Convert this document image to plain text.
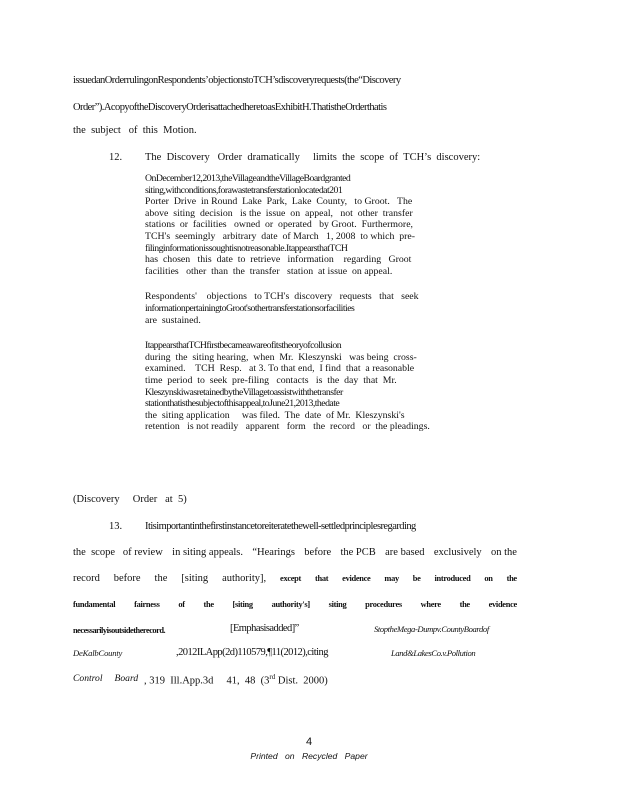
issuedanOrderrulingonRespondents’objectionstoTCH’sdiscoveryrequests(the“Discovery
Order”).AcopyoftheDiscoveryOrderisattachedheretoasExhibitH.ThatistheOrderthatis
the  subject   of  this  Motion.
12. The  Discovery   Order  dramatically     limits  the  scope  of  TCH’s  discovery:

OnDecember12,2013,theVillageandtheVillageBoardgranted
siting,withconditions,forawastetransferstationlocatedat201
Porter  Drive  in Round  Lake  Park,  Lake  County,   to Groot.   The
above  siting  decision   is the  issue  on  appeal,   not  other  transfer
stations  or  facilities   owned  or  operated   by Groot.  Furthermore,
TCH's  seemingly   arbitrary  date  of March   1, 2008  to which  pre-
filinginformationissoughtisnotreasonable.ItappearsthatTCH
has  chosen   this  date  to  retrieve   information    regarding   Groot
facilities   other  than  the  transfer   station  at issue  on appeal.

Respondents'    objections   to TCH's  discovery   requests   that   seek
informationpertainingtoGroot'sothertransferstationsorfacilities
are  sustained.

ItappearsthatTCHfirstbecameawareofitstheoryofcollusion
during  the  siting hearing,  when  Mr.  Kleszynski   was being  cross-
examined.    TCH  Resp.   at 3. To that end,  I find  that  a reasonable
time  period  to  seek  pre-filing   contacts   is  the  day  that  Mr.
KleszynskiwasretainedbytheVillagetoassistwiththetransfer
stationthatisthesubjectofthisappeal,toJune21,2013,thedate
the  siting application     was filed.  The  date  of Mr.  Kleszynski's
retention   is not readily   apparent   form   the  record   or  the pleadings.

(Discovery     Order   at  5)
13. Itisimportantinthefirstinstancetoreiteratethewell-settledprinciplesregarding
the  scope   of review in siting appeals. “Hearings before the PCB are based exclusively on the
record before the [siting authority], except that evidence may be introduced on the
fundamental fairness of the [siting authority's] siting procedures where the evidence
necessarilyisoutsidetherecord.	[Emphasisadded]”	StoptheMega-Dumpv.CountyBoardof
DeKalbCounty	,2012ILApp(2d)110579,¶11(2012),citing	Land&LakesCo.v.Pollution
Control     Board , 319  Ill.App.3d     41,  48  (3rd Dist.  2000)
4
Printed on Recycled Paper
